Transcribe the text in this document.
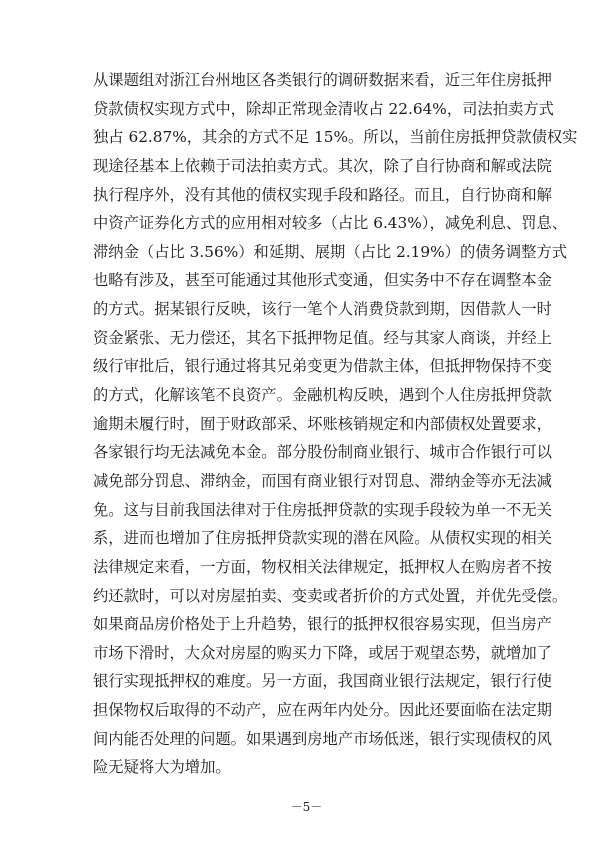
从课题组对浙江台州地区各类银行的调研数据来看，近三年住房抵押
贷款债权实现方式中，除却正常现金清收占 22.64%，司法拍卖方式
独占 62.87%，其余的方式不足 15%。所以，当前住房抵押贷款债权实
现途径基本上依赖于司法拍卖方式。其次，除了自行协商和解或法院
执行程序外，没有其他的债权实现手段和路径。而且，自行协商和解
中资产证券化方式的应用相对较多（占比 6.43%），减免利息、罚息、
滞纳金（占比 3.56%）和延期、展期（占比 2.19%）的债务调整方式
也略有涉及，甚至可能通过其他形式变通，但实务中不存在调整本金
的方式。据某银行反映，该行一笔个人消费贷款到期，因借款人一时
资金紧张、无力偿还，其名下抵押物足值。经与其家人商谈，并经上
级行审批后，银行通过将其兄弟变更为借款主体，但抵押物保持不变
的方式，化解该笔不良资产。金融机构反映，遇到个人住房抵押贷款
逾期未履行时，囿于财政部采、坏账核销规定和内部债权处置要求，
各家银行均无法减免本金。部分股份制商业银行、城市合作银行可以
减免部分罚息、滞纳金，而国有商业银行对罚息、滞纳金等亦无法减
免。这与目前我国法律对于住房抵押贷款的实现手段较为单一不无关
系，进而也增加了住房抵押贷款实现的潜在风险。从债权实现的相关
法律规定来看，一方面，物权相关法律规定，抵押权人在购房者不按
约还款时，可以对房屋拍卖、变卖或者折价的方式处置，并优先受偿。
如果商品房价格处于上升趋势，银行的抵押权很容易实现，但当房产
市场下滑时，大众对房屋的购买力下降，或居于观望态势，就增加了
银行实现抵押权的难度。另一方面，我国商业银行法规定，银行行使
担保物权后取得的不动产，应在两年内处分。因此还要面临在法定期
间内能否处理的问题。如果遇到房地产市场低迷，银行实现债权的风
险无疑将大为增加。
－5－
